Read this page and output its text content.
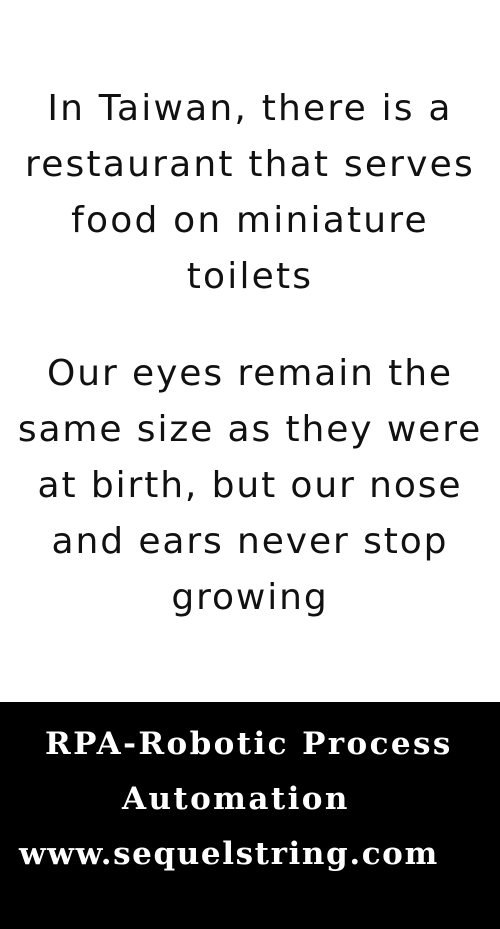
In Taiwan, there is a
restaurant that serves
food on miniature
toilets

Our eyes remain the
same size as they were
at birth, but our nose
and ears never stop
growing

RPA-Robotic Process

Automation

www.sequelstring.com
